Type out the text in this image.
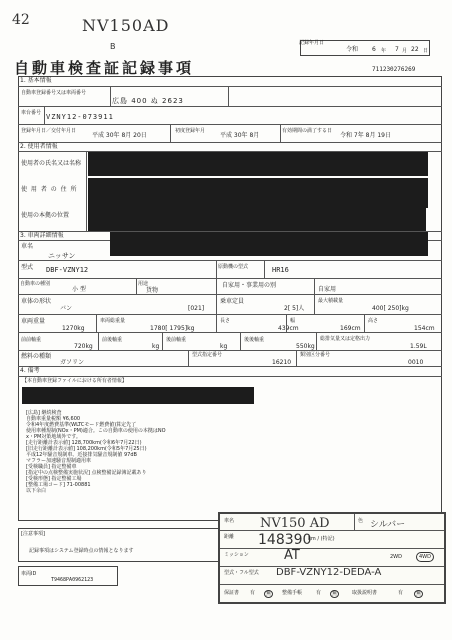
42	NV150AD
B	記録年月日
令和 6 年 7 月 22 日
自動車検査証記録事項	711230276269
1. 基本情報
自動車登録番号又は車両番号
広島 400 ぬ 2623
車台番号 VZNY12-073911
登録年月日／交付年月日
平成 30年 8月 20日
初度登録年月
平成 30年 8月
有効期間の満了する日
令和 7年 8月 19日
2. 使用者情報
使用者の氏名又は名称
使 用 者 の 住 所
使用の本拠の位置
3. 車両詳細情報
車名
ニッサン
型式 DBF-VZNY12	原動機の型式	HR16
自動車の種別
小 型
用途
貨物
自家用・事業用の別
自家用
車体の形状
バン	[021]
乗車定員
2[ 5]人
最大積載量
400[ 250]kg
車両重量
1270kg
車両総重量
1780[ 1795]kg
長さ
439cm
幅
169cm
高さ
154cm
前前軸重
720kg
前後軸重
kg
後前軸重
kg
後後軸重
550kg
総排気量又は定格出力
1.59L
燃料の種類
ガソリン
型式指定番号
16210
類別区分番号
0010
4. 備考
【本自動車登録ファイルにおける所有者情報】
[広島] 継続検査
自動車重量税額 ¥6,600
令和4年度燃費基準(WLTCモード燃費値)算定先了
使用車種規制(NOx・PM)適合。この自動車の使用の本拠はNO
x・PM対策地域外です。
[走行距離計表示値] 128,700km(令和6年7月22日)
[旧走行距離計表示値] 108,200km(令和5年7月25日)
平成12年騒音規制車、近接排気騒音規制値 97dB
マフラー加速騒音規制適用車
[受検職員] 指定整備車
[指定中の点検整備実施状況] 点検整備記録簿記載あり
[受検形態] 指定整備工場
[整備工場コード] 71-00881
以下余白
[注意事項]
記録事項はシステム登録時点の情報となります
車両ID
T9468PA0962123
車名 NV150 AD	色 シルバー
距離 148390
km / (特記)
ミッション	AT	2WD	4WD
型式・フル型式 DBF-VZNY12-DEDA-A
保証書 有	無	整備手帳	有	無	取扱説明書	有	無
